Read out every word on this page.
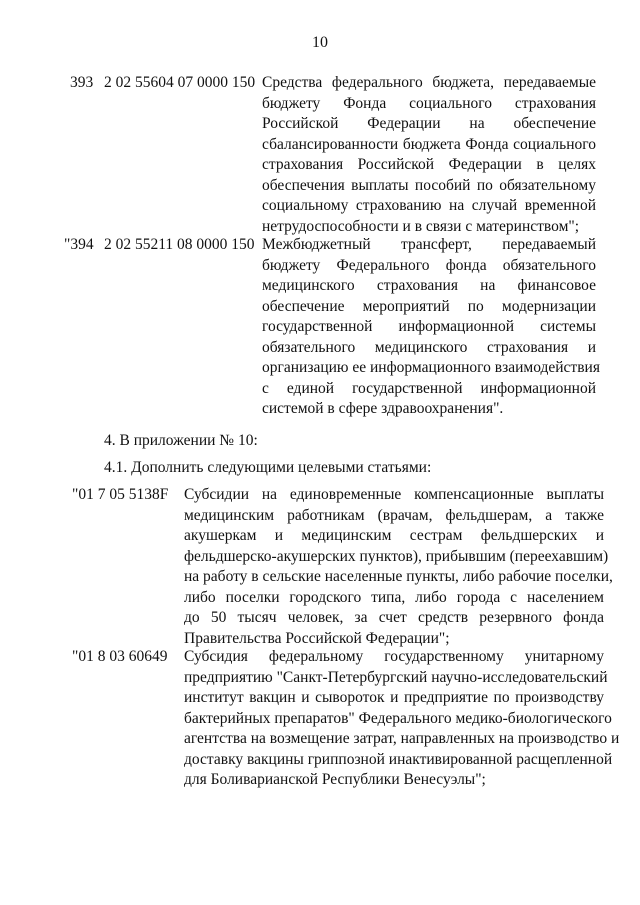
10
393 2 02 55604 07 0000 150 Средства федерального бюджета, передаваемые
бюджету Фонда социального страхования
Российской Федерации на обеспечение
сбалансированности бюджета Фонда социального
страхования Российской Федерации в целях
обеспечения выплаты пособий по обязательному
социальному страхованию на случай временной
нетрудоспособности и в связи с материнством";
"394 2 02 55211 08 0000 150 Межбюджетный трансферт, передаваемый
бюджету Федерального фонда обязательного
медицинского страхования на финансовое
обеспечение мероприятий по модернизации
государственной информационной системы
обязательного медицинского страхования и
организацию ее информационного взаимодействия
с единой государственной информационной
системой в сфере здравоохранения".
4. В приложении № 10:
4.1. Дополнить следующими целевыми статьями:
"01 7 05 5138F Субсидии на единовременные компенсационные выплаты
медицинским работникам (врачам, фельдшерам, а также
акушеркам и медицинским сестрам фельдшерских и
фельдшерско-акушерских пунктов), прибывшим (переехавшим)
на работу в сельские населенные пункты, либо рабочие поселки,
либо поселки городского типа, либо города с населением
до 50 тысяч человек, за счет средств резервного фонда
Правительства Российской Федерации";
"01 8 03 60649 Субсидия федеральному государственному унитарному
предприятию "Санкт-Петербургский научно-исследовательский
институт вакцин и сывороток и предприятие по производству
бактерийных препаратов" Федерального медико-биологического
агентства на возмещение затрат, направленных на производство и
доставку вакцины гриппозной инактивированной расщепленной
для Боливарианской Республики Венесуэлы";
